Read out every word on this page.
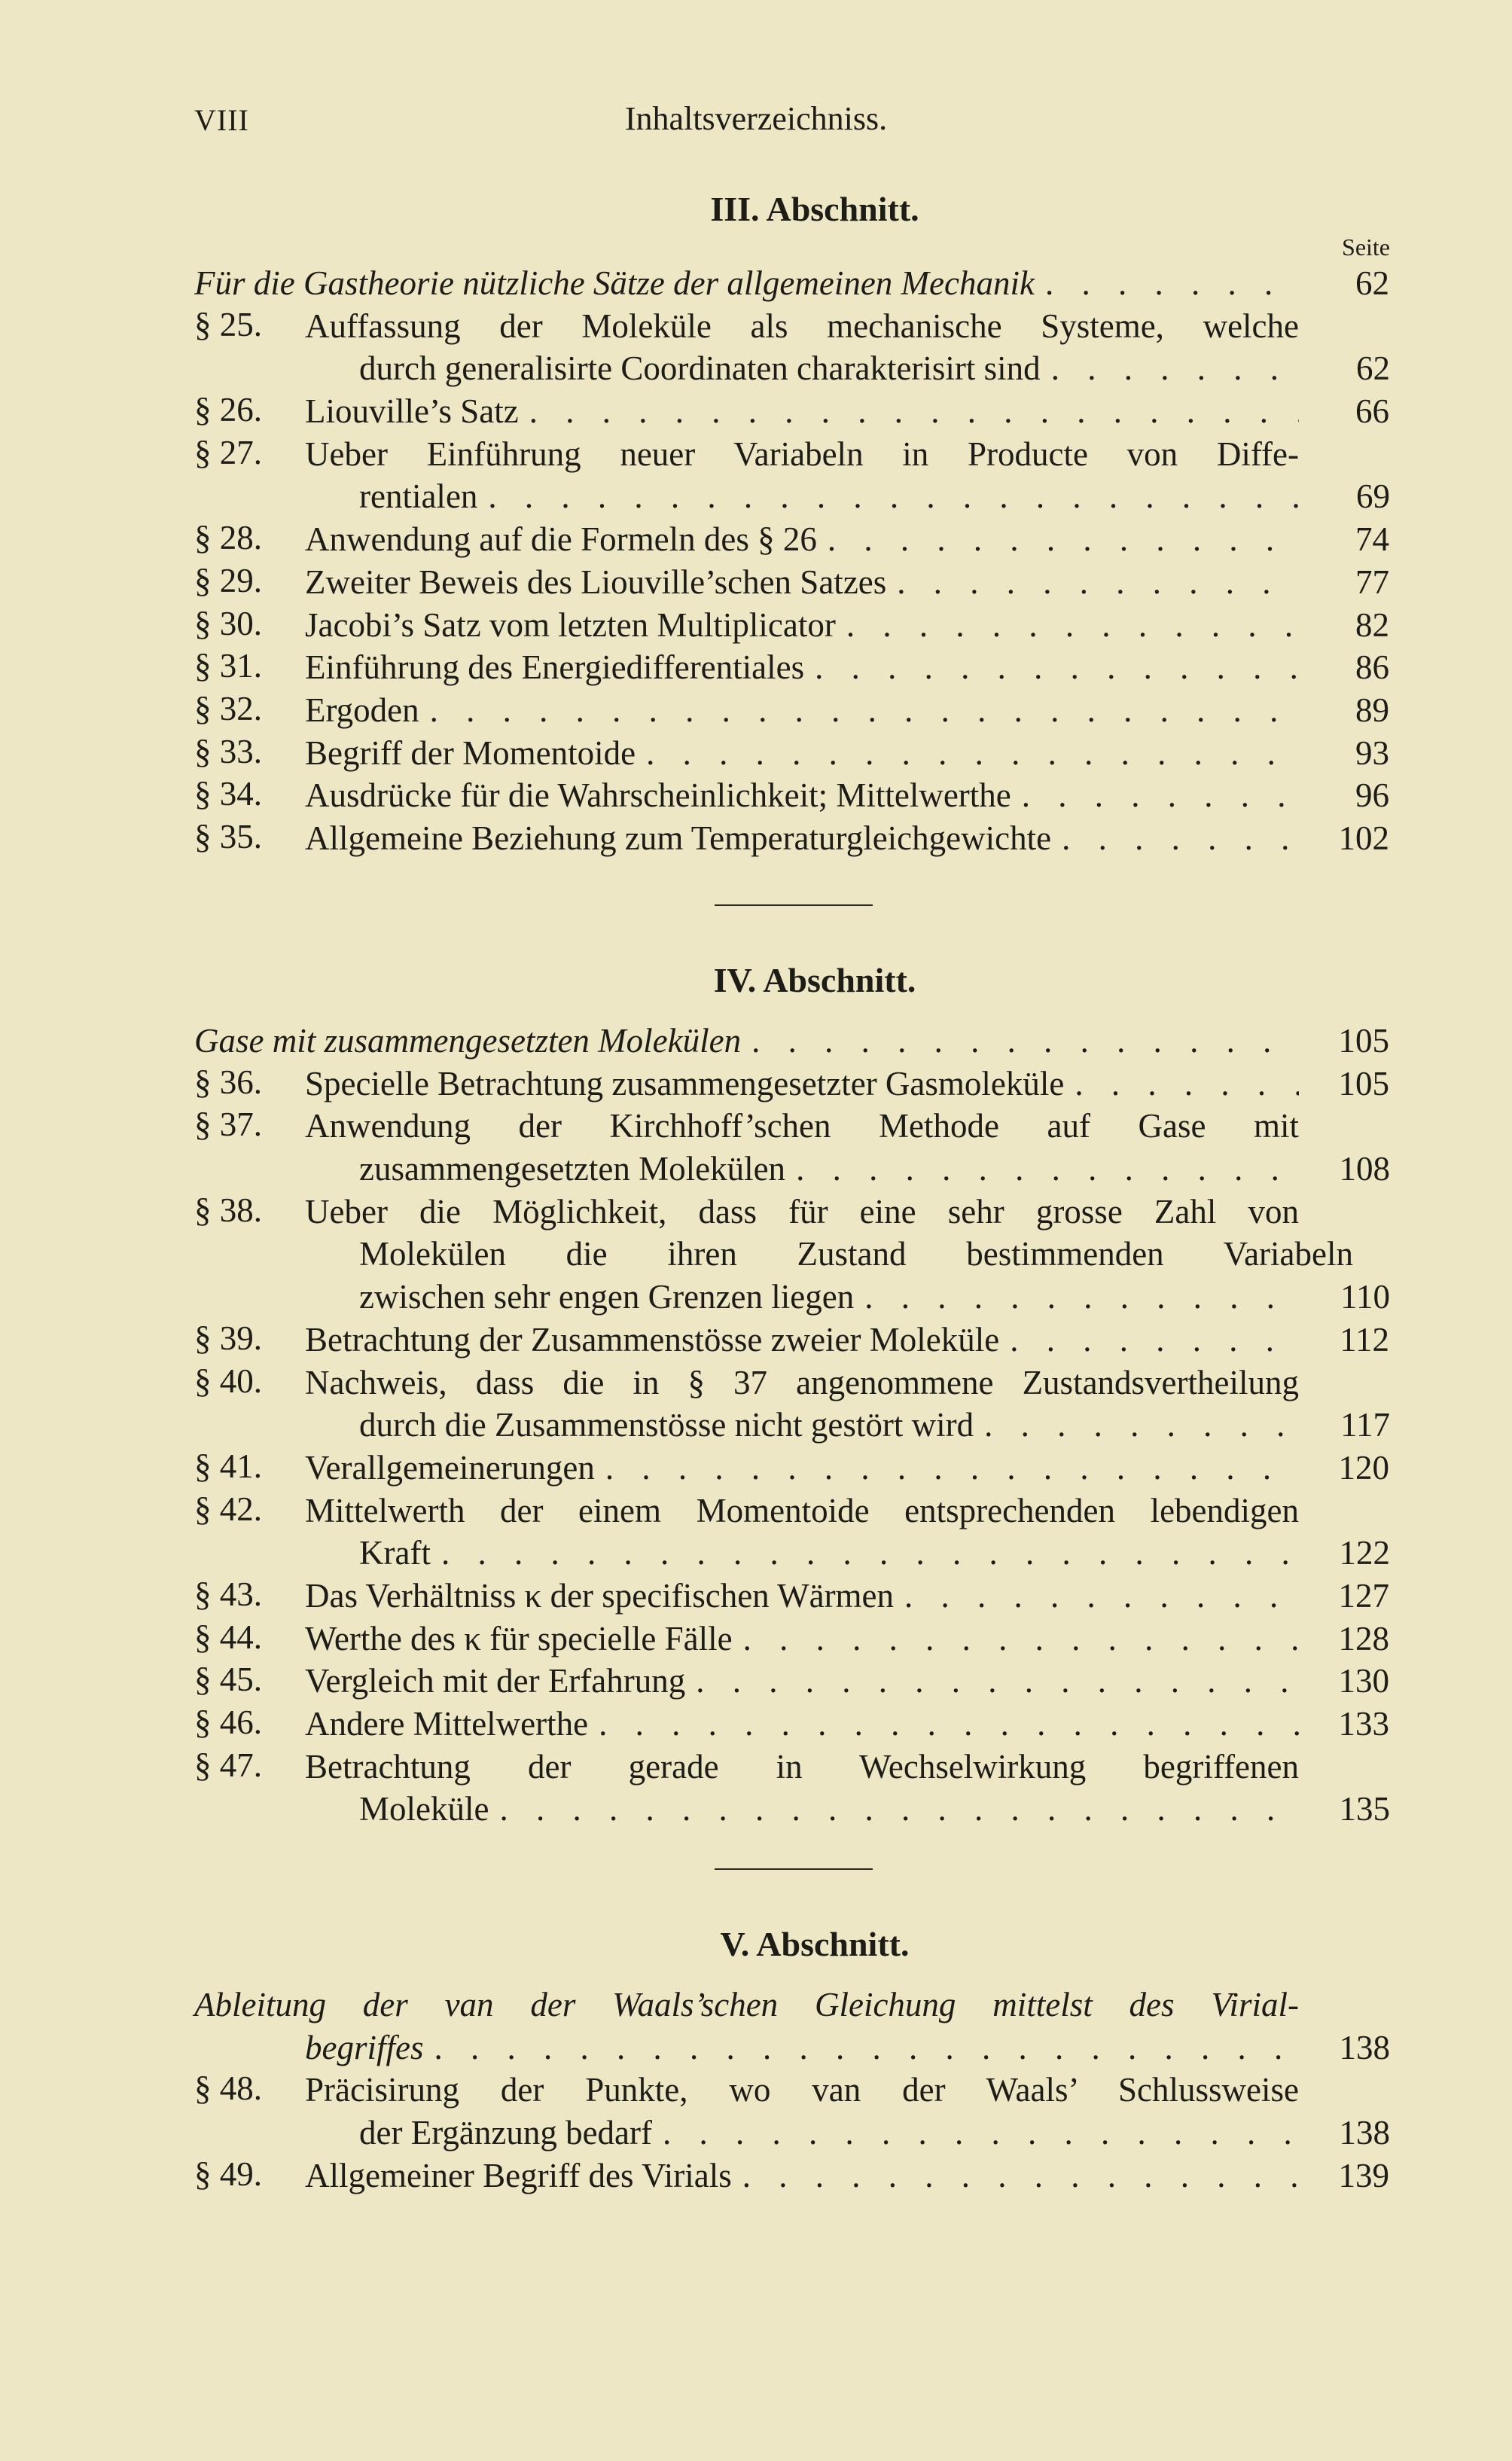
VIII	Inhaltsverzeichniss.
III. Abschnitt.
Seite
Für die Gastheorie nützliche Sätze der allgemeinen Mechanik . . .	62
§ 25.	Auffassung der Moleküle als mechanische Systeme, welche
durch generalisirte Coordinaten charakterisirt sind . . .	62
§ 26.	Liouville’s Satz . . .	66
§ 27.	Ueber Einführung neuer Variabeln in Producte von Diffe-
rentialen . . .	69
§ 28.	Anwendung auf die Formeln des § 26 . . .	74
§ 29.	Zweiter Beweis des Liouville’schen Satzes . . .	77
§ 30.	Jacobi’s Satz vom letzten Multiplicator . . .	82
§ 31.	Einführung des Energiedifferentiales . . .	86
§ 32.	Ergoden . . .	89
§ 33.	Begriff der Momentoide . . .	93
§ 34.	Ausdrücke für die Wahrscheinlichkeit; Mittelwerthe . . .	96
§ 35.	Allgemeine Beziehung zum Temperaturgleichgewichte . . .	102
IV. Abschnitt.
Gase mit zusammengesetzten Molekülen . . .	105
§ 36.	Specielle Betrachtung zusammengesetzter Gasmoleküle . . .	105
§ 37.	Anwendung der Kirchhoff’schen Methode auf Gase mit
zusammengesetzten Molekülen . . .	108
§ 38.	Ueber die Möglichkeit, dass für eine sehr grosse Zahl von
Molekülen die ihren Zustand bestimmenden Variabeln
zwischen sehr engen Grenzen liegen . . .	110
§ 39.	Betrachtung der Zusammenstösse zweier Moleküle . . .	112
§ 40.	Nachweis, dass die in § 37 angenommene Zustandsvertheilung
durch die Zusammenstösse nicht gestört wird . . .	117
§ 41.	Verallgemeinerungen . . .	120
§ 42.	Mittelwerth der einem Momentoide entsprechenden lebendigen
Kraft . . .	122
§ 43.	Das Verhältniss κ der specifischen Wärmen . . .	127
§ 44.	Werthe des κ für specielle Fälle . . .	128
§ 45.	Vergleich mit der Erfahrung . . .	130
§ 46.	Andere Mittelwerthe . . .	133
§ 47.	Betrachtung der gerade in Wechselwirkung begriffenen
Moleküle . . .	135
V. Abschnitt.
Ableitung der van der Waals’schen Gleichung mittelst des Virial-
begriffes . . .	138
§ 48.	Präcisirung der Punkte, wo van der Waals’ Schlussweise
der Ergänzung bedarf . . .	138
§ 49.	Allgemeiner Begriff des Virials . . .	139
